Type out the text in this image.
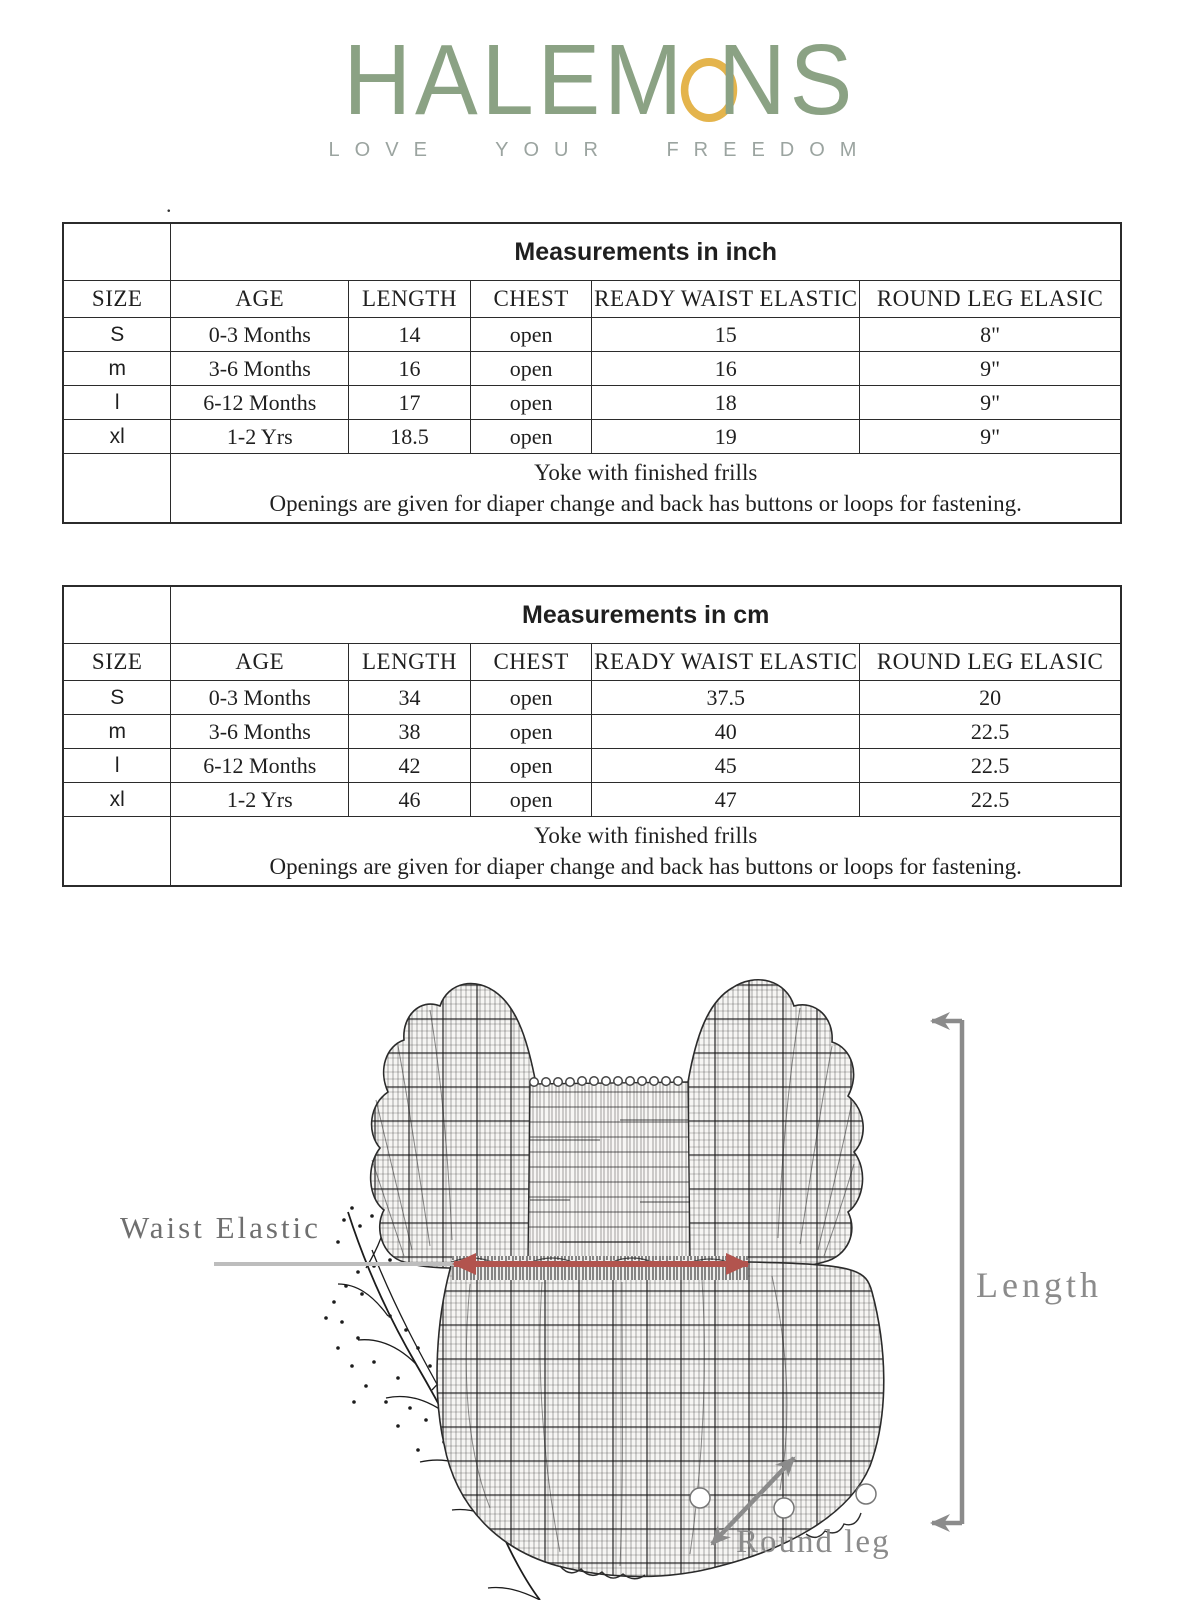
HALEM NS
LOVE YOUR FREEDOM
.
	Measurements in inch				
SIZE	AGE	LENGTH	CHEST	READY WAIST ELASTIC	ROUND LEG ELASIC
S	0-3 Months	14	open	15	8"
m	3-6 Months	16	open	16	9"
l	6-12 Months	17	open	18	9"
xl	1-2 Yrs	18.5	open	19	9"

	Yoke with finished frills
Openings are given for diaper change and back has buttons or loops for fastening.				
	Measurements in cm				
SIZE	AGE	LENGTH	CHEST	READY WAIST ELASTIC	ROUND LEG ELASIC
S	0-3 Months	34	open	37.5	20
m	3-6 Months	38	open	40	22.5
l	6-12 Months	42	open	45	22.5
xl	1-2 Yrs	46	open	47	22.5

	Yoke with finished frills
Openings are given for diaper change and back has buttons or loops for fastening.				
Waist Elastic
Length
Round leg
